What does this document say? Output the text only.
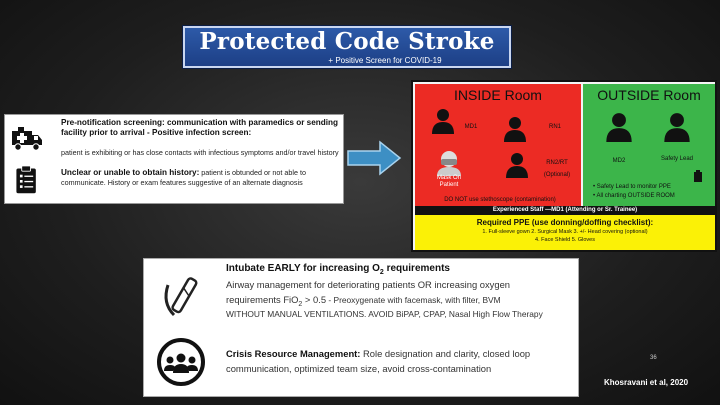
Protected Code Stroke
+ Positive Screen for COVID-19
Pre-notification screening: communication with paramedics or sending facility prior to arrival - Positive infection screen:
patient is exhibiting or has close contacts with infectious symptoms and/or travel history
Unclear or unable to obtain history: patient is obtunded or not able to communicate. History or exam features suggestive of an alternate diagnosis
INSIDE Room
MD1	RN1
Mask On Patient
RN2/RT
(Optional)
DO NOT use stethoscope (contamination)
OUTSIDE Room
MD2	Safety Lead
• Safety Lead to monitor PPE
• All charting OUTSIDE ROOM
Experienced Staff —MD1 (Attending or Sr. Trainee)
Required PPE (use donning/doffing checklist):
1. Full-sleeve gown 2. Surgical Mask 3. +/- Head covering (optional)
4. Face Shield 5. Gloves
Intubate EARLY for increasing $O_2$ requirements
Airway management for deteriorating patients OR increasing oxygen
requirements FiO$_2$ > 0.5 - Preoxygenate with facemask, with filter, BVM
WITHOUT MANUAL VENTILATIONS. AVOID BiPAP, CPAP, Nasal High Flow Therapy
Crisis Resource Management: Role designation and clarity, closed loop
communication, optimized team size, avoid cross-contamination
36
Khosravani et al, 2020
